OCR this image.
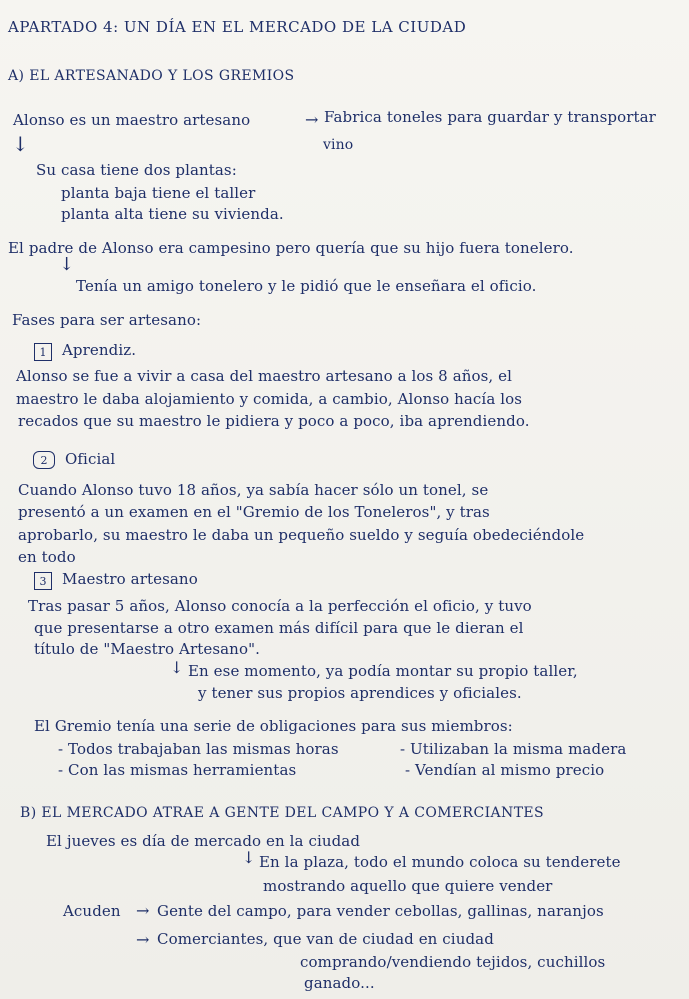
APARTADO 4: UN DÍA EN EL MERCADO DE LA CIUDAD
A) EL ARTESANADO Y LOS GREMIOS
Alonso es un maestro artesano	→ Fabrica toneles para guardar y transportar
vino
↓
Su casa tiene dos plantas:
planta baja tiene el taller
planta alta tiene su vivienda.
El padre de Alonso era campesino pero quería que su hijo fuera tonelero.
↓
Tenía un amigo tonelero y le pidió que le enseñara el oficio.
Fases para ser artesano:
1 Aprendiz.
Alonso se fue a vivir a casa del maestro artesano a los 8 años, el
maestro le daba alojamiento y comida, a cambio, Alonso hacía los
recados que su maestro le pidiera y poco a poco, iba aprendiendo.
2 Oficial
Cuando Alonso tuvo 18 años, ya sabía hacer sólo un tonel, se
presentó a un examen en el "Gremio de los Toneleros", y tras
aprobarlo, su maestro le daba un pequeño sueldo y seguía obedeciéndole
en todo
3 Maestro artesano
Tras pasar 5 años, Alonso conocía a la perfección el oficio, y tuvo
que presentarse a otro examen más difícil para que le dieran el
título de "Maestro Artesano".
↓ En ese momento, ya podía montar su propio taller,
y tener sus propios aprendices y oficiales.
El Gremio tenía una serie de obligaciones para sus miembros:
- Todos trabajaban las mismas horas	- Utilizaban la misma madera
- Con las mismas herramientas	- Vendían al mismo precio
B) EL MERCADO ATRAE A GENTE DEL CAMPO Y A COMERCIANTES
El jueves es día de mercado en la ciudad
↓ En la plaza, todo el mundo coloca su tenderete
mostrando aquello que quiere vender
Acuden → Gente del campo, para vender cebollas, gallinas, naranjos
→ Comerciantes, que van de ciudad en ciudad
comprando/vendiendo tejidos, cuchillos
ganado...
